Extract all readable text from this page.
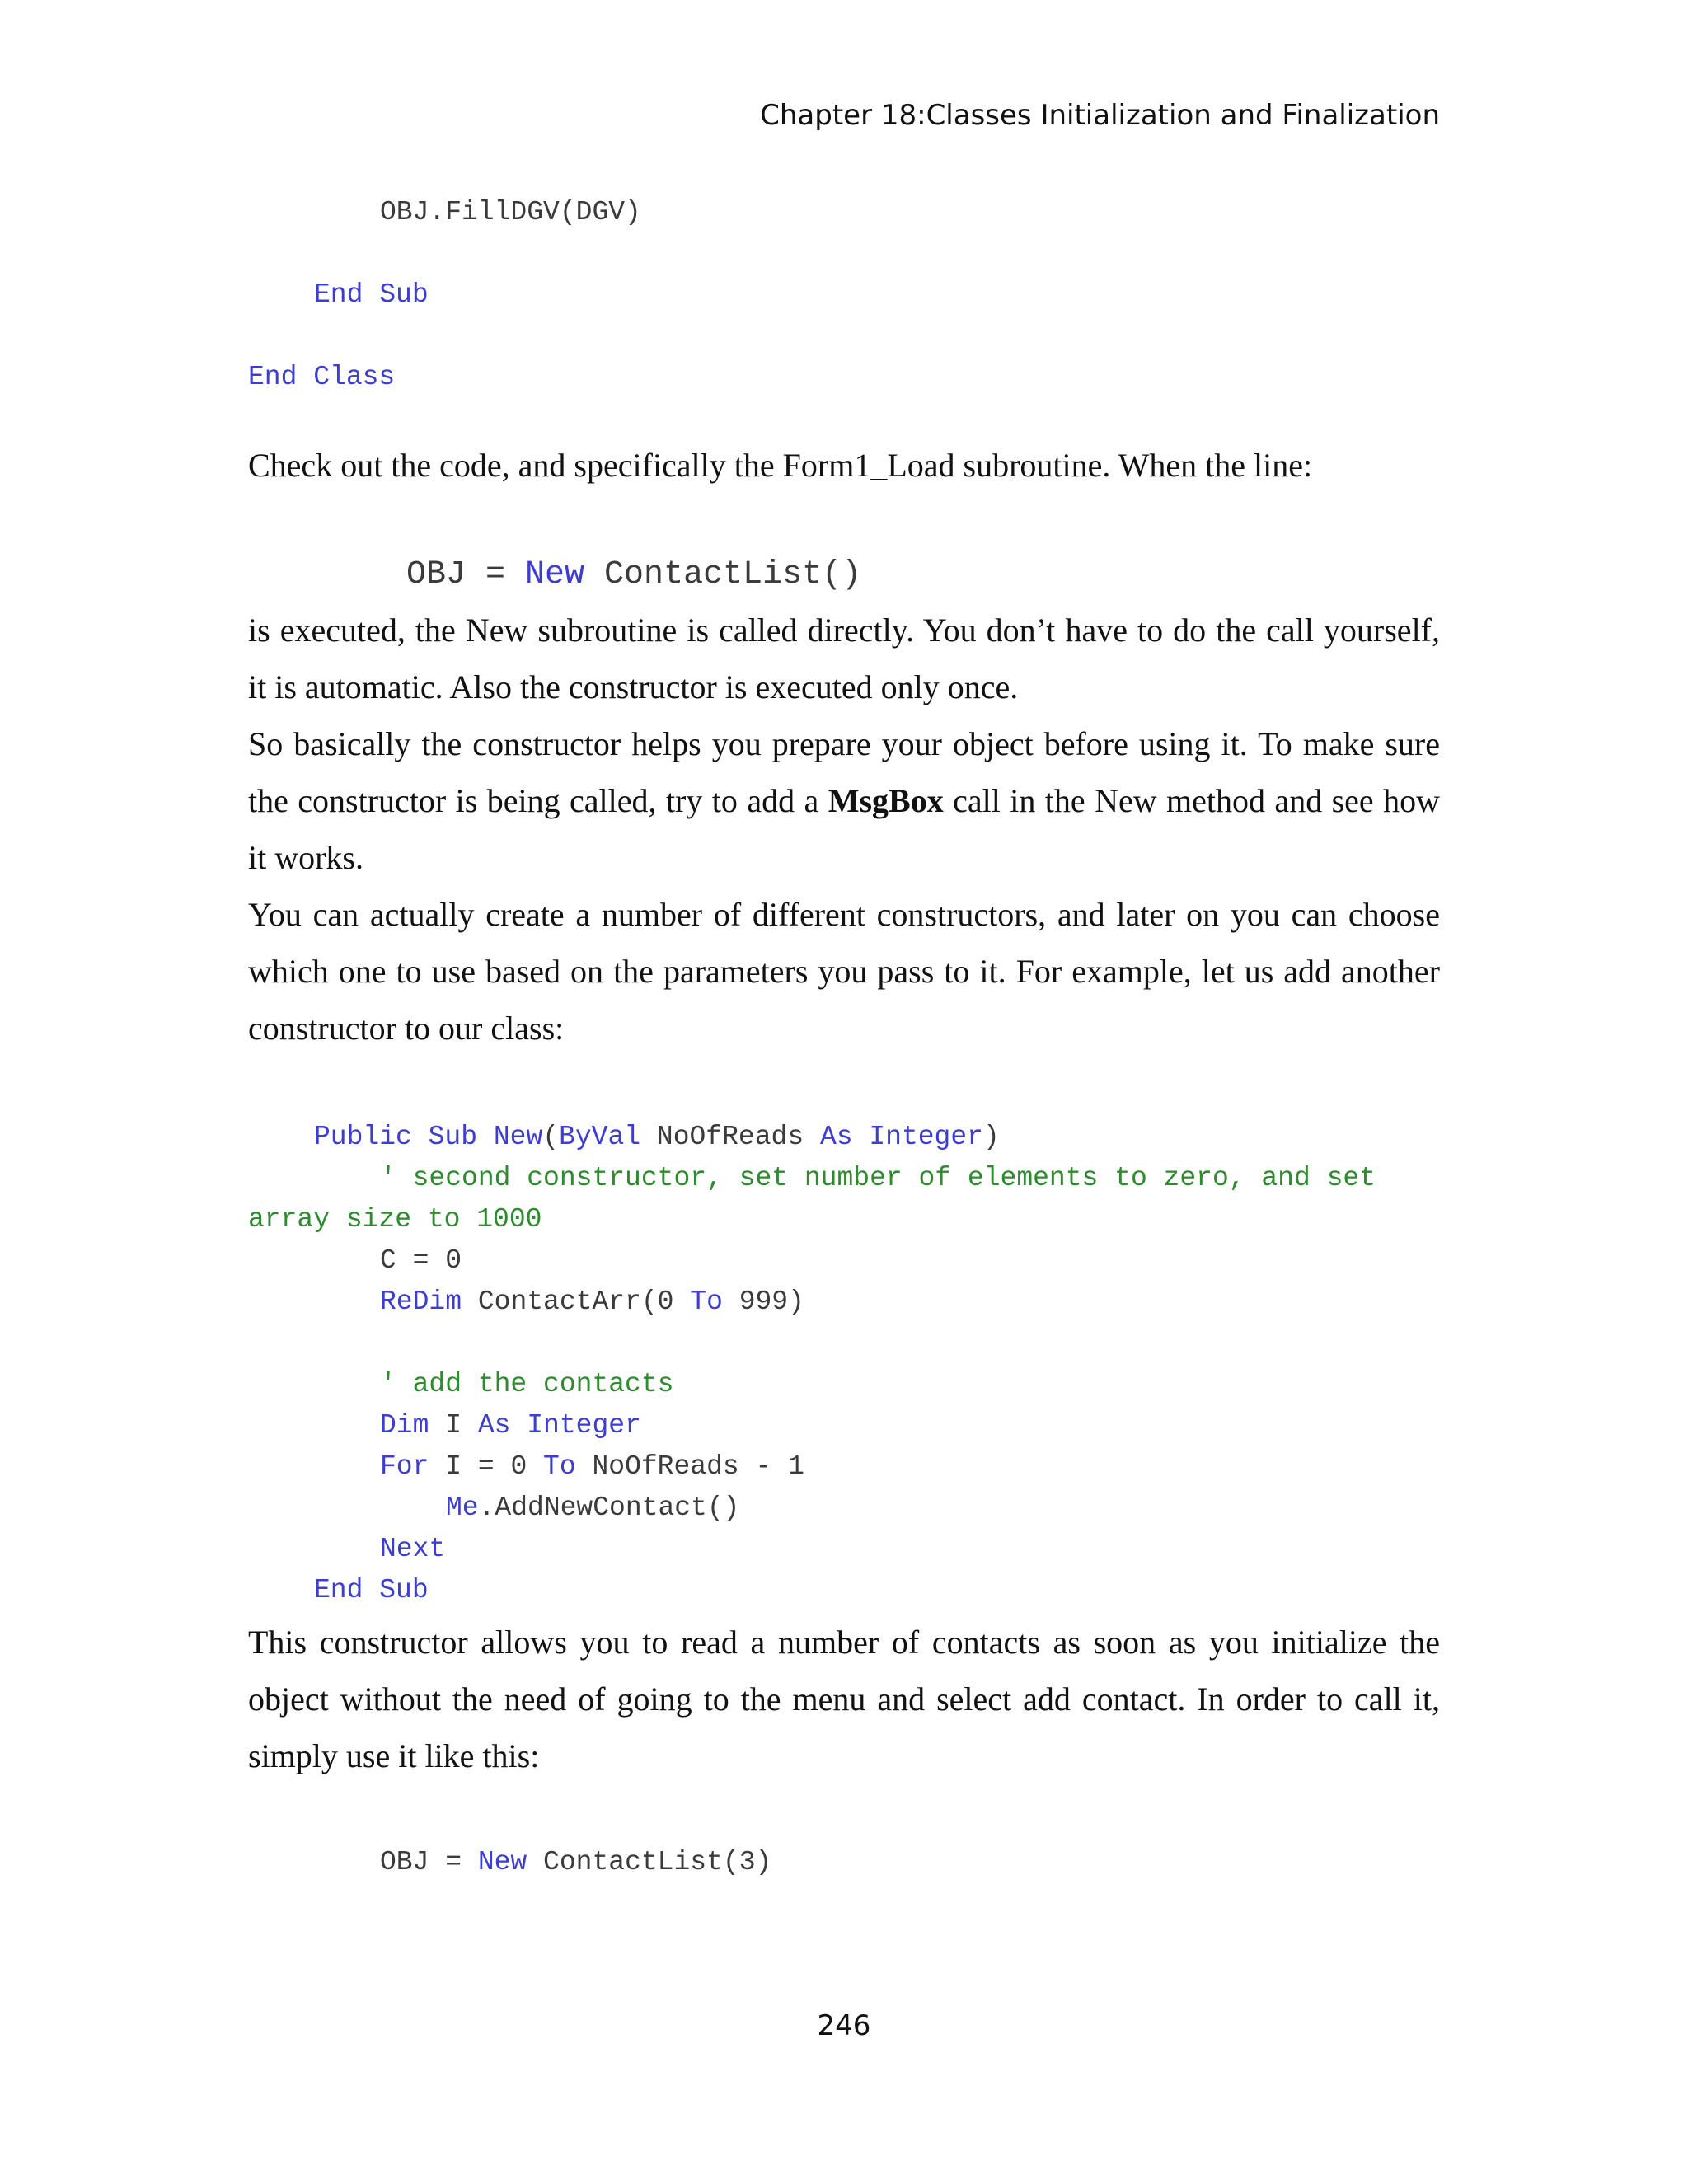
Chapter 18:Classes Initialization and Finalization
OBJ.FillDGV(DGV)
End Sub
End Class

Check out the code, and specifically the Form1_Load subroutine. When the line:

OBJ = New ContactList()

is executed, the New subroutine is called directly. You don’t have to do the call yourself, it is automatic. Also the constructor is executed only once.

So basically the constructor helps you prepare your object before using it. To make sure the constructor is being called, try to add a MsgBox call in the New method and see how it works.

You can actually create a number of different constructors, and later on you can choose which one to use based on the parameters you pass to it. For example, let us add another constructor to our class:

Public Sub New(ByVal NoOfReads As Integer)
' second constructor, set number of elements to zero, and set
array size to 1000
C = 0
ReDim ContactArr(0 To 999)
' add the contacts
Dim I As Integer
For I = 0 To NoOfReads - 1
Me.AddNewContact()
Next
End Sub

This constructor allows you to read a number of contacts as soon as you initialize the object without the need of going to the menu and select add contact. In order to call it, simply use it like this:

OBJ = New ContactList(3)
246
